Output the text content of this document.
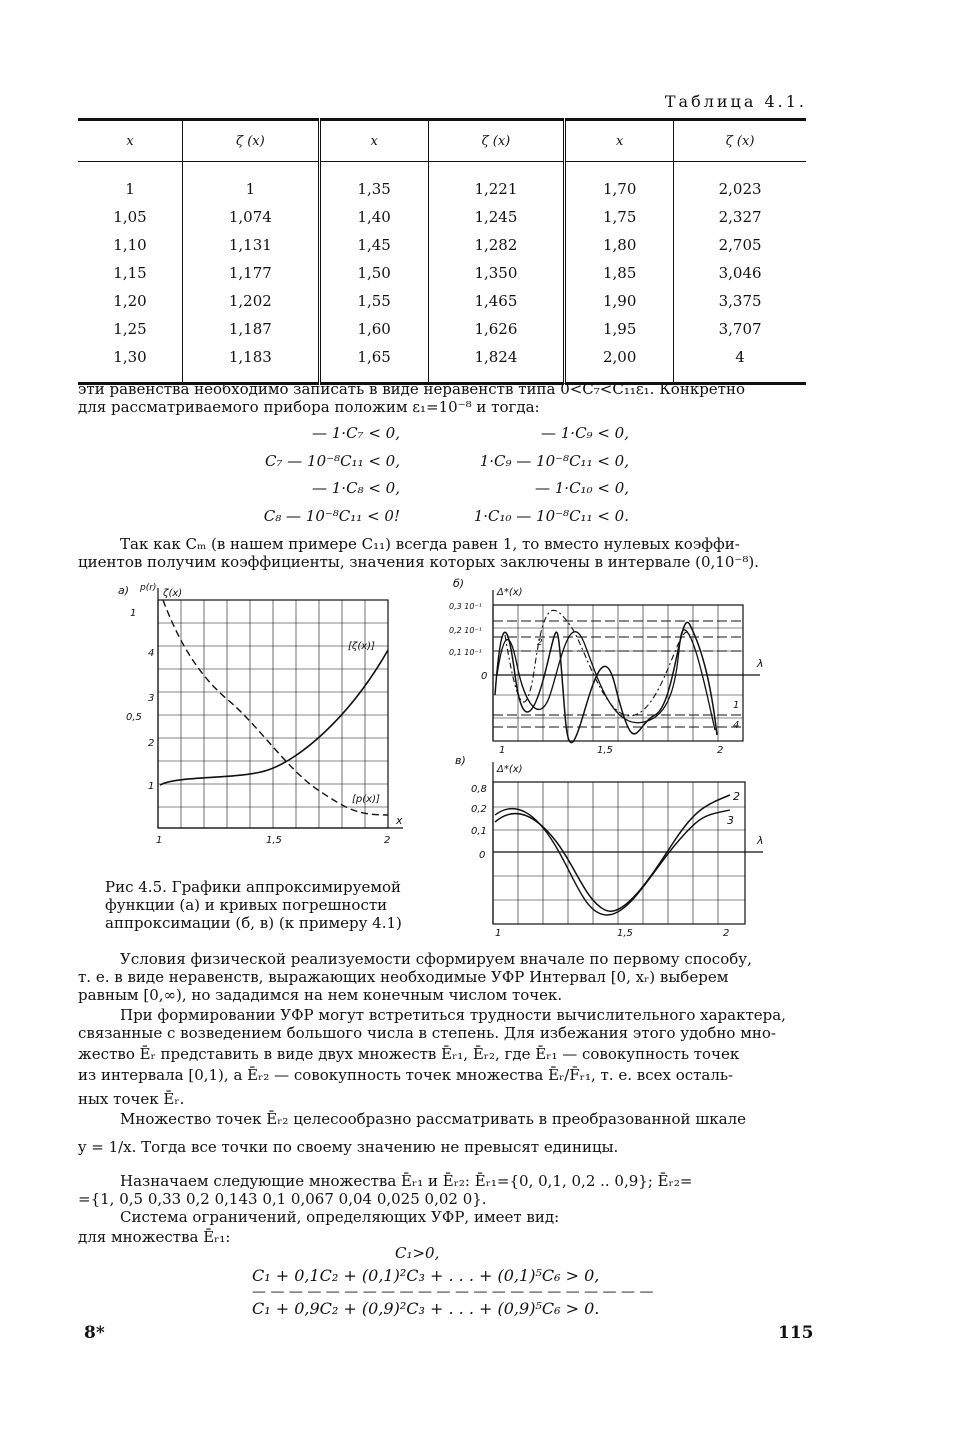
Таблица 4.1.
x	ζ (x)	x	ζ (x)	x	ζ (x)
1	1	1,35	1,221	1,70	2,023
1,05	1,074	1,40	1,245	1,75	2,327
1,10	1,131	1,45	1,282	1,80	2,705
1,15	1,177	1,50	1,350	1,85	3,046
1,20	1,202	1,55	1,465	1,90	3,375
1,25	1,187	1,60	1,626	1,95	3,707
1,30	1,183	1,65	1,824	2,00	4
эти равенства необходимо записать в виде неравенств типа 0<C₇<C₁₁ε₁. Конкретно
для рассматриваемого прибора положим ε₁=10⁻⁸ и тогда:
— 1·C₇ < 0,	— 1·C₉ < 0,
C₇ — 10⁻⁸C₁₁ < 0,	1·C₉ — 10⁻⁸C₁₁ < 0,
— 1·C₈ < 0,	— 1·C₁₀ < 0,
C₈ — 10⁻⁸C₁₁ < 0!	1·C₁₀ — 10⁻⁸C₁₁ < 0.
Так как Cₘ (в нашем примере C₁₁) всегда равен 1, то вместо нулевых коэффи-
циентов получим коэффициенты, значения которых заключены в интервале (0,10⁻⁸).
а) p(r) ζ(x)
1
0,5
4
3
2
1
1	1,5	2
x
[ζ(x)]
[p(x)]
б)
Δ*(x)
0,3 10⁻¹
0,2 10⁻¹
0,1 10⁻¹
0
λ
1	1,5	2
1
4
2
в)
Δ*(x)
0,8
0,2
0,1
0
λ
1	1,5	2
2
3
Рис 4.5. Графики аппроксимируемой
функции (а) и кривых погрешности
аппроксимации (б, в) (к примеру 4.1)
Условия физической реализуемости сформируем вначале по первому способу,
т. е. в виде неравенств, выражающих необходимые УФР Интервал [0, xᵣ) выберем
равным [0,∞), но зададимся на нем конечным числом точек.
При формировании УФР могут встретиться трудности вычислительного характера,
связанные с возведением большого числа в степень. Для избежания этого удобно мно-
жество Ēᵣ представить в виде двух множеств Ēᵣ₁, Ēᵣ₂, где Ēᵣ₁ — совокупность точек
из интервала [0,1), а Ēᵣ₂ — совокупность точек множества Ēᵣ/F̄ᵣ₁, т. е. всех осталь-
ных точек Ēᵣ.
Множество точек Ēᵣ₂ целесообразно рассматривать в преобразованной шкале
y = 1/x. Тогда все точки по своему значению не превысят единицы.
Назначаем следующие множества Ēᵣ₁ и Ēᵣ₂: Ēᵣ₁={0, 0,1, 0,2 .. 0,9}; Ēᵣ₂=
={1, 0,5 0,33 0,2 0,143 0,1 0,067 0,04 0,025 0,02 0}.
Система ограничений, определяющих УФР, имеет вид:
для множества Ēᵣ₁:
C₁>0,
C₁ + 0,1C₂ + (0,1)²C₃ + . . . + (0,1)⁵C₆ > 0,
— — — — — — — — — — — — — — — — — — — — — —
C₁ + 0,9C₂ + (0,9)²C₃ + . . . + (0,9)⁵C₆ > 0.
8*	115
